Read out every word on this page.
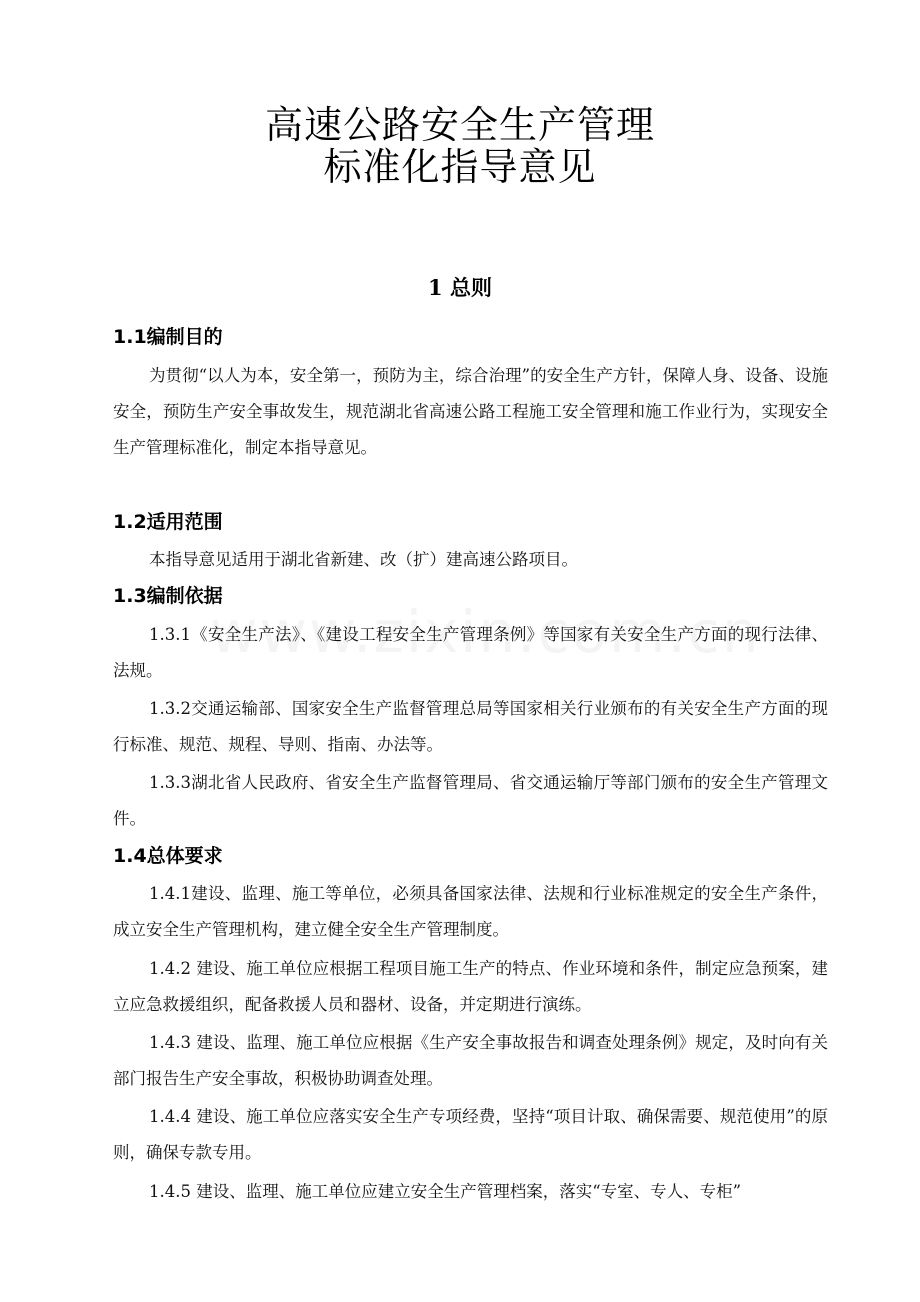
高速公路安全生产管理
标准化指导意见
1 总则
1.1编制目的
为贯彻“以人为本，安全第一，预防为主，综合治理”的安全生产方针，保障人身、设备、设施安全，预防生产安全事故发生，规范湖北省高速公路工程施工安全管理和施工作业行为，实现安全生产管理标准化，制定本指导意见。
1.2适用范围
本指导意见适用于湖北省新建、改（扩）建高速公路项目。
1.3编制依据
1.3.1《安全生产法》、《建设工程安全生产管理条例》等国家有关安全生产方面的现行法律、法规。
1.3.2交通运输部、国家安全生产监督管理总局等国家相关行业颁布的有关安全生产方面的现行标准、规范、规程、导则、指南、办法等。
1.3.3湖北省人民政府、省安全生产监督管理局、省交通运输厅等部门颁布的安全生产管理文件。
1.4总体要求
1.4.1建设、监理、施工等单位，必须具备国家法律、法规和行业标准规定的安全生产条件，成立安全生产管理机构，建立健全安全生产管理制度。
1.4.2 建设、施工单位应根据工程项目施工生产的特点、作业环境和条件，制定应急预案，建立应急救援组织，配备救援人员和器材、设备，并定期进行演练。
1.4.3 建设、监理、施工单位应根据《生产安全事故报告和调查处理条例》规定，及时向有关部门报告生产安全事故，积极协助调查处理。
1.4.4 建设、施工单位应落实安全生产专项经费，坚持“项目计取、确保需要、规范使用”的原则，确保专款专用。
1.4.5 建设、监理、施工单位应建立安全生产管理档案，落实“专室、专人、专柜”
